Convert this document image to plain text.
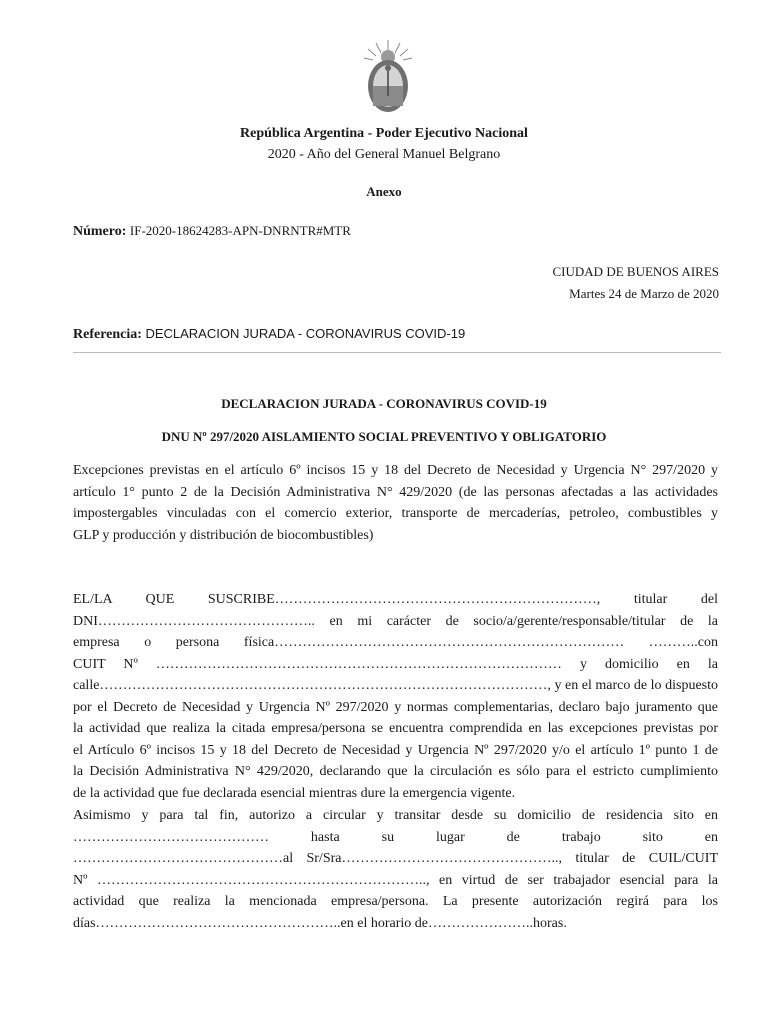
República Argentina - Poder Ejecutivo Nacional
2020 - Año del General Manuel Belgrano
Anexo
Número: IF-2020-18624283-APN-DNRNTR#MTR
CIUDAD DE BUENOS AIRES
Martes 24 de Marzo de 2020
Referencia: DECLARACION JURADA - CORONAVIRUS COVID-19
DECLARACION JURADA - CORONAVIRUS COVID-19
DNU Nº 297/2020 AISLAMIENTO SOCIAL PREVENTIVO Y OBLIGATORIO
Excepciones previstas en el artículo 6º incisos 15 y 18 del Decreto de Necesidad y Urgencia N° 297/2020 y
artículo 1° punto 2 de la Decisión Administrativa N° 429/2020 (de las personas afectadas a las actividades
impostergables vinculadas con el comercio exterior, transporte de mercaderías, petroleo, combustibles y
GLP y producción y distribución de biocombustibles)
EL/LA QUE SUSCRIBE……………………………………………………………, titular del
DNI……………………………………….. en mi carácter de socio/a/gerente/responsable/titular de la
empresa o persona física………………………………………………………………… ………..con
CUIT Nº …………………………………………………………………………… y domicilio en la
calle……………………………………………………………………………………, y en el marco de lo dispuesto
por el Decreto de Necesidad y Urgencia Nº 297/2020 y normas complementarias, declaro bajo juramento que
la actividad que realiza la citada empresa/persona se encuentra comprendida en las excepciones previstas por
el Artículo 6º incisos 15 y 18 del Decreto de Necesidad y Urgencia Nº 297/2020 y/o el artículo 1º punto 1 de
la Decisión Administrativa N° 429/2020, declarando que la circulación es sólo para el estricto cumplimiento
de la actividad que fue declarada esencial mientras dure la emergencia vigente.
Asimismo y para tal fin, autorizo a circular y transitar desde su domicilio de residencia sito en
…………………………………… hasta su lugar de trabajo sito en
………………………………………al Sr/Sra……………………………………….., titular de CUIL/CUIT
Nº …………………………………………………………….., en virtud de ser trabajador esencial para la
actividad que realiza la mencionada empresa/persona. La presente autorización regirá para los
días……………………………………………..en el horario de…………………..horas.
